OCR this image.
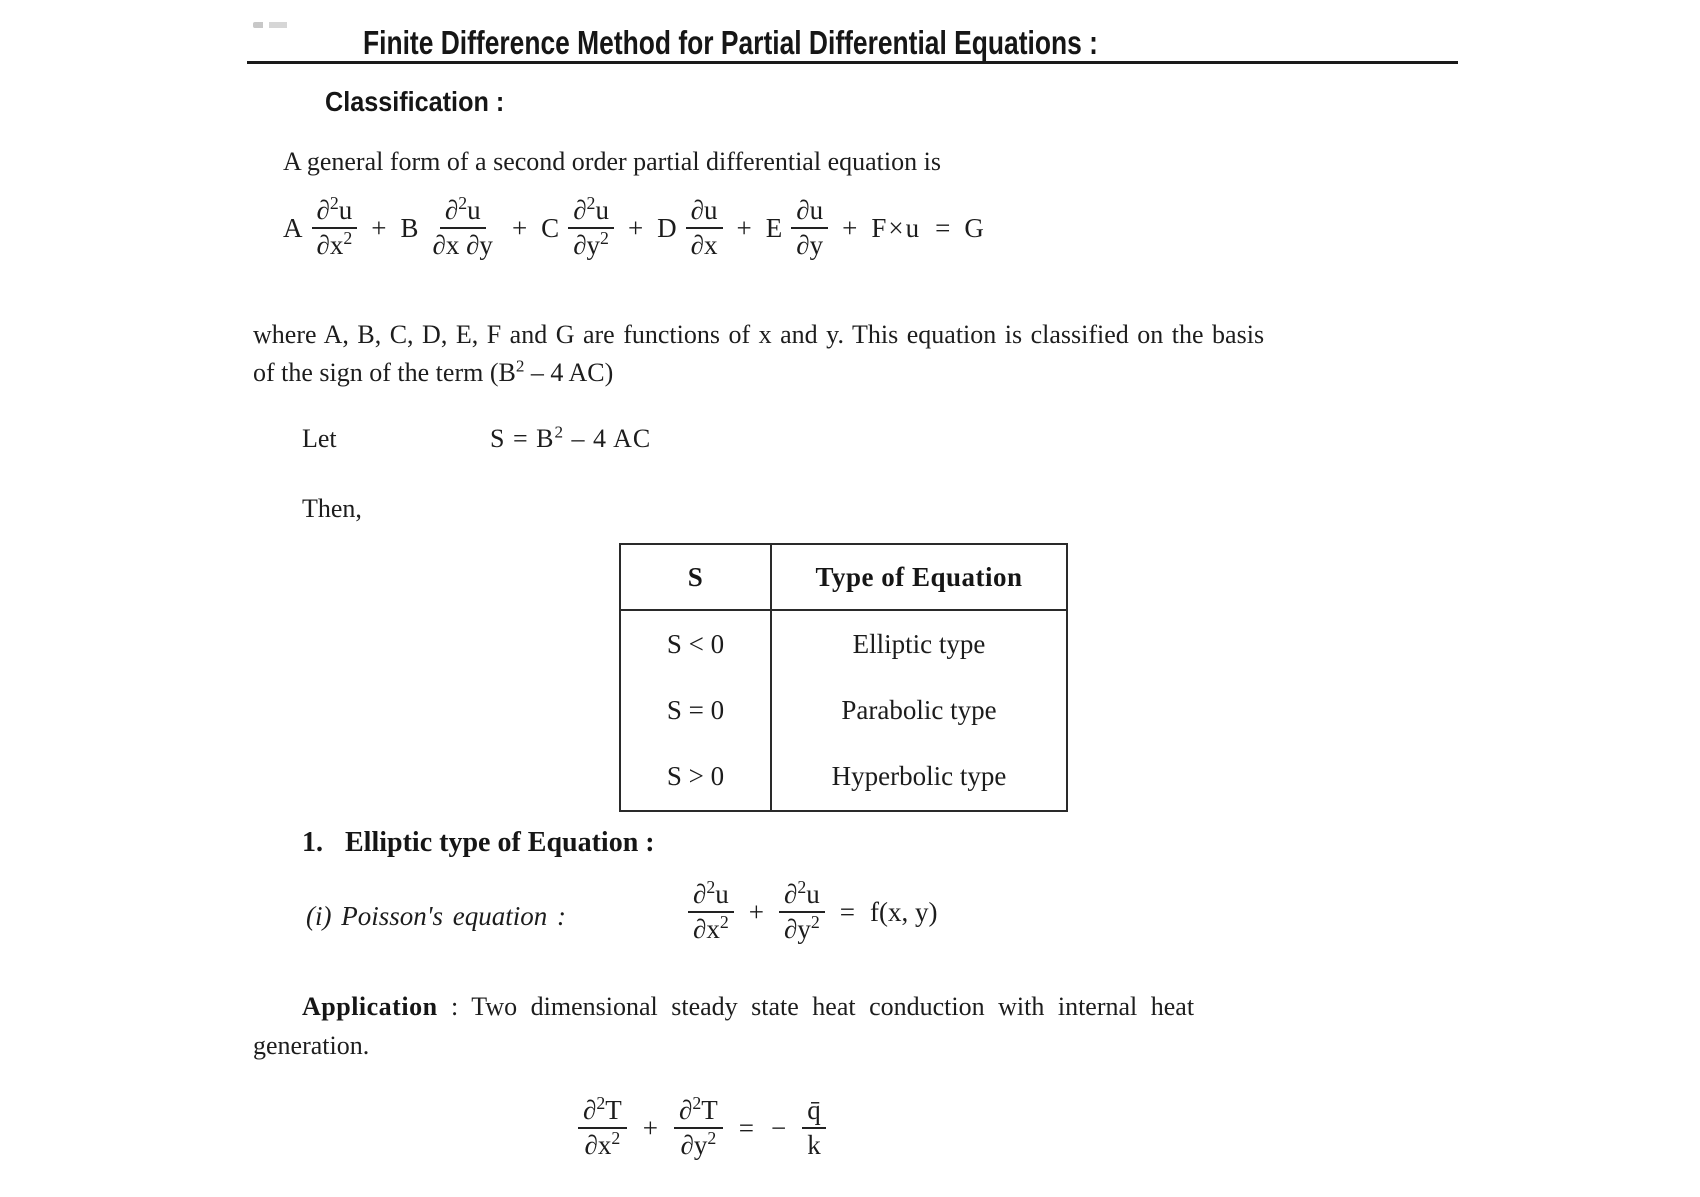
Finite Difference Method for Partial Differential Equations :
Classification :
A general form of a second order partial differential equation is
A $\frac{\partial^2u}{\partial x^2} + B \frac{\partial^2u}{\partial x \partial y} + C \frac{\partial^2u}{\partial y^2} + D \frac{\partial u}{\partial x} + E \frac{\partial u}{\partial y} + F\times u = G$
where A, B, C, D, E, F and G are functions of x and y. This equation is classified on the basis
of the sign of the term ($B^2 - 4$ AC)
Let	$S = B^2 - 4$ AC
Then,
S	Type of Equation
S < 0	Elliptic type
S = 0	Parabolic type
S > 0	Hyperbolic type
1. Elliptic type of Equation :
(i) Poisson's equation :	$\frac{\partial^2u}{\partial x^2} + \frac{\partial^2u}{\partial y^2} = f(x$, y)
Application : Two dimensional steady state heat conduction with internal heat
generation.
$\frac{\partial^2T}{\partial x^2} + \frac{\partial^2T}{\partial y^2}$ = − $\frac{q̄}{k}$
